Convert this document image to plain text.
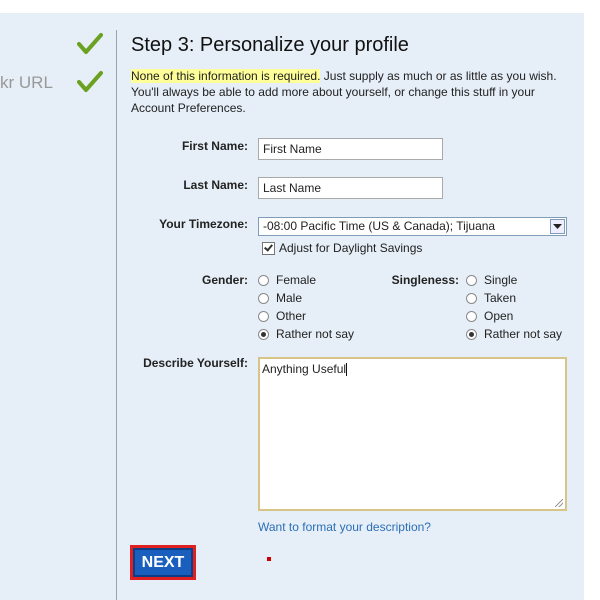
kr URL
Step 3: Personalize your profile
None of this information is required. Just supply as much or as little as you wish. You'll always be able to add more about yourself, or change this stuff in your Account Preferences.
First Name:
First Name
Last Name:
Last Name
Your Timezone:	-08:00 Pacific Time (US & Canada); Tijuana
Adjust for Daylight Savings
Gender: Female
Male
Other
Rather not say
Singleness: Single
Taken
Open
Rather not say
Describe Yourself:	Anything Useful
Want to format your description?
NEXT
